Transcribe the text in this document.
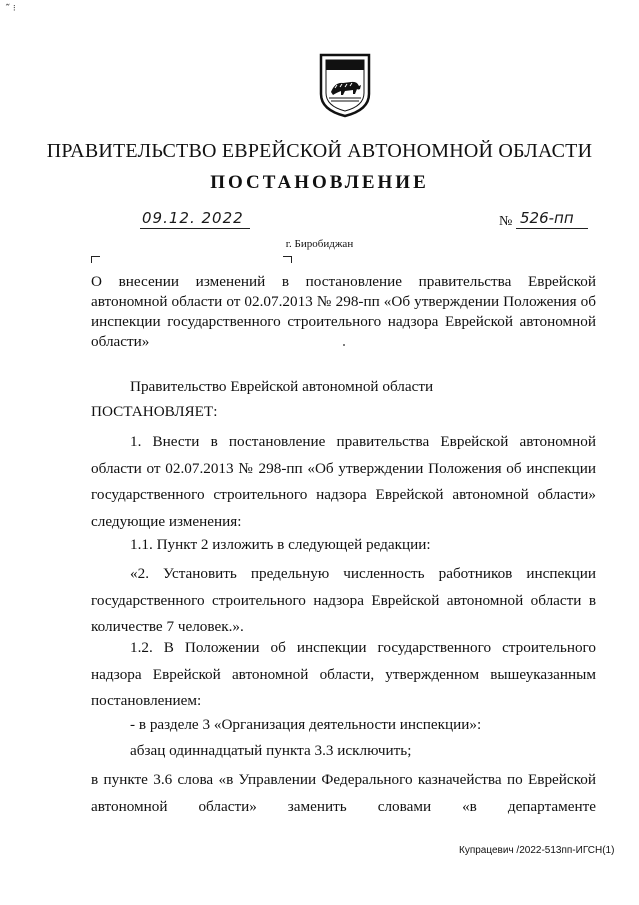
᷉ ⁝
ПРАВИТЕЛЬСТВО ЕВРЕЙСКОЙ АВТОНОМНОЙ ОБЛАСТИ
ПОСТАНОВЛЕНИЕ
09.12. 2022	№ 526-пп
г. Биробиджан
О внесении изменений в постановление правительства Еврейской
автономной области от 02.07.2013 № 298-пп «Об утверждении Положения об
инспекции государственного строительного надзора Еврейской автономной
области»
Правительство Еврейской автономной области
ПОСТАНОВЛЯЕТ:
1. Внести в постановление правительства Еврейской автономной
области от 02.07.2013 № 298-пп «Об утверждении Положения об инспекции
государственного строительного надзора Еврейской автономной области»
следующие изменения:
1.1. Пункт 2 изложить в следующей редакции:
«2. Установить предельную численность работников инспекции
государственного строительного надзора Еврейской автономной области в
количестве 7 человек.».
1.2. В Положении об инспекции государственного строительного
надзора Еврейской автономной области, утвержденном вышеуказанным
постановлением:
- в разделе 3 «Организация деятельности инспекции»:
абзац одиннадцатый пункта 3.3 исключить;
в пункте 3.6 слова «в Управлении Федерального казначейства по Еврейской
автономной области» заменить словами «в департаменте
Купрацевич /2022-513пп-ИГСН(1)
